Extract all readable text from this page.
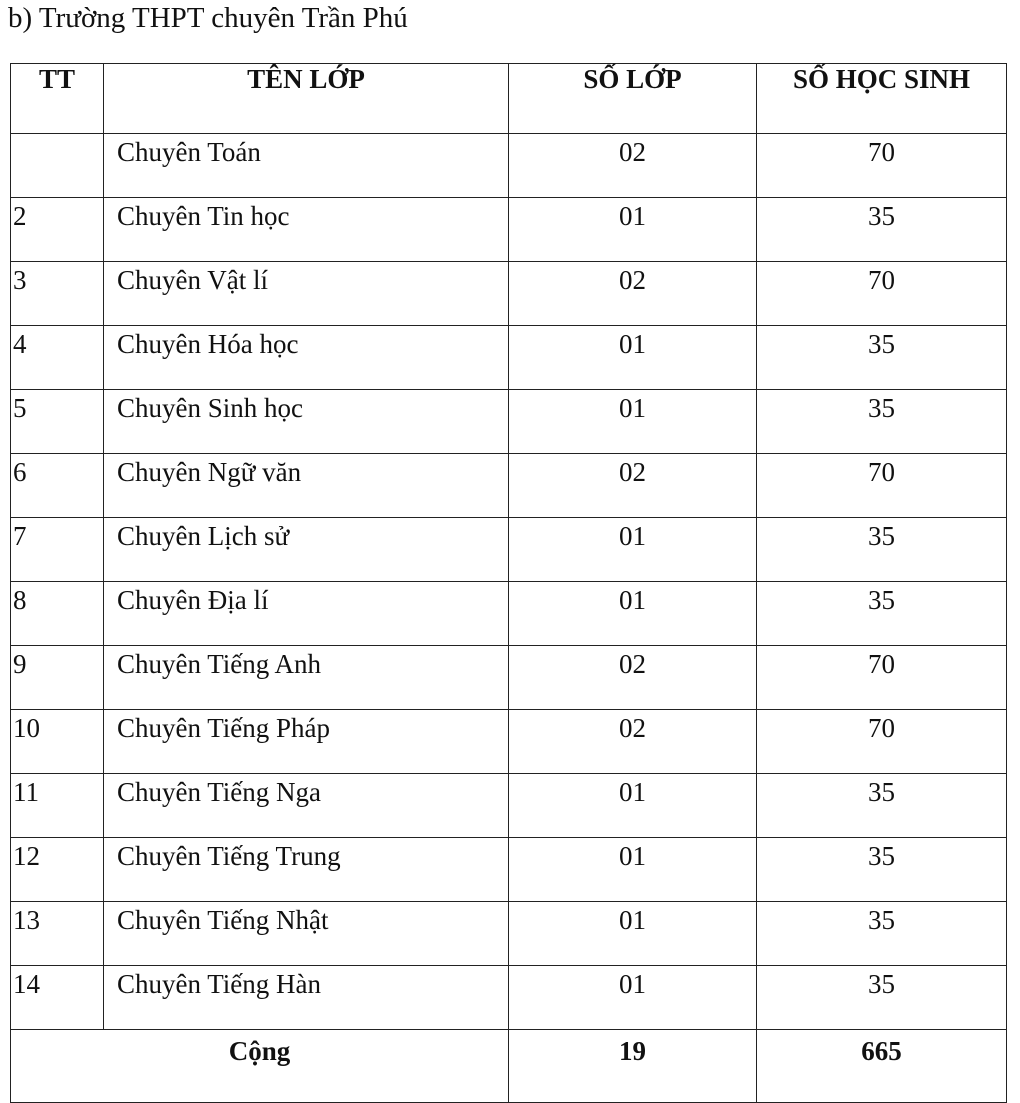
b) Trường THPT chuyên Trần Phú
TT	TÊN LỚP	SỐ LỚP	SỐ HỌC SINH
	Chuyên Toán	02	70
2	Chuyên Tin học	01	35
3	Chuyên Vật lí	02	70
4	Chuyên Hóa học	01	35
5	Chuyên Sinh học	01	35
6	Chuyên Ngữ văn	02	70
7	Chuyên Lịch sử	01	35
8	Chuyên Địa lí	01	35
9	Chuyên Tiếng Anh	02	70
10	Chuyên Tiếng Pháp	02	70
11	Chuyên Tiếng Nga	01	35
12	Chuyên Tiếng Trung	01	35
13	Chuyên Tiếng Nhật	01	35
14	Chuyên Tiếng Hàn	01	35
Cộng		19	665
